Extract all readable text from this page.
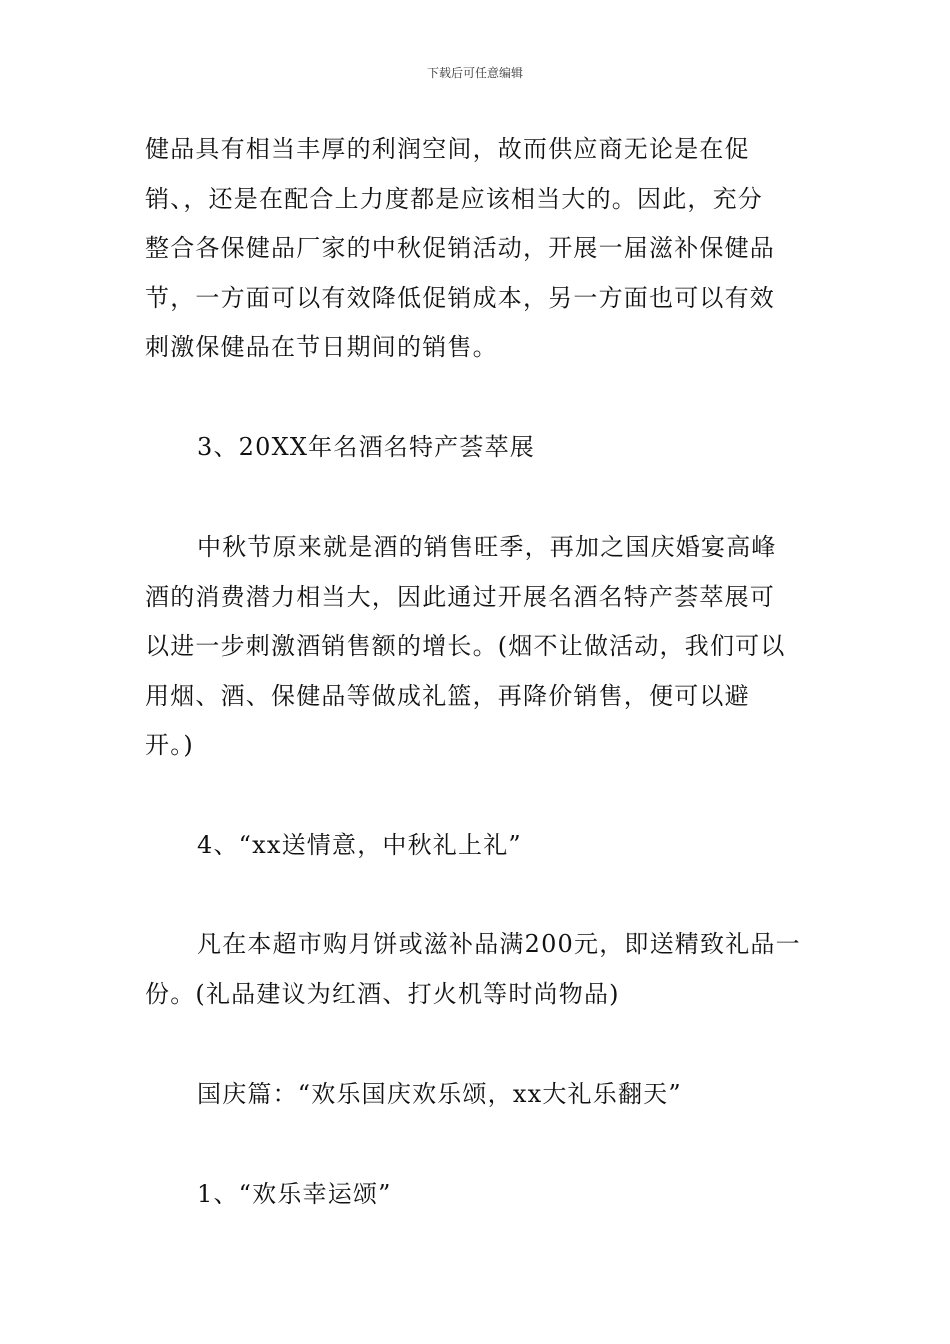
下载后可任意编辑
健品具有相当丰厚的利润空间，故而供应商无论是在促
销、，还是在配合上力度都是应该相当大的。因此，充分
整合各保健品厂家的中秋促销活动，开展一届滋补保健品
节，一方面可以有效降低促销成本，另一方面也可以有效
刺激保健品在节日期间的销售。
3、20XX年名酒名特产荟萃展
中秋节原来就是酒的销售旺季，再加之国庆婚宴高峰
酒的消费潜力相当大，因此通过开展名酒名特产荟萃展可
以进一步刺激酒销售额的增长。(烟不让做活动，我们可以
用烟、酒、保健品等做成礼篮，再降价销售，便可以避
开。)
4、“xx送情意，中秋礼上礼”
凡在本超市购月饼或滋补品满200元，即送精致礼品一
份。(礼品建议为红酒、打火机等时尚物品)
国庆篇：“欢乐国庆欢乐颂，xx大礼乐翻天”
1、“欢乐幸运颂”
